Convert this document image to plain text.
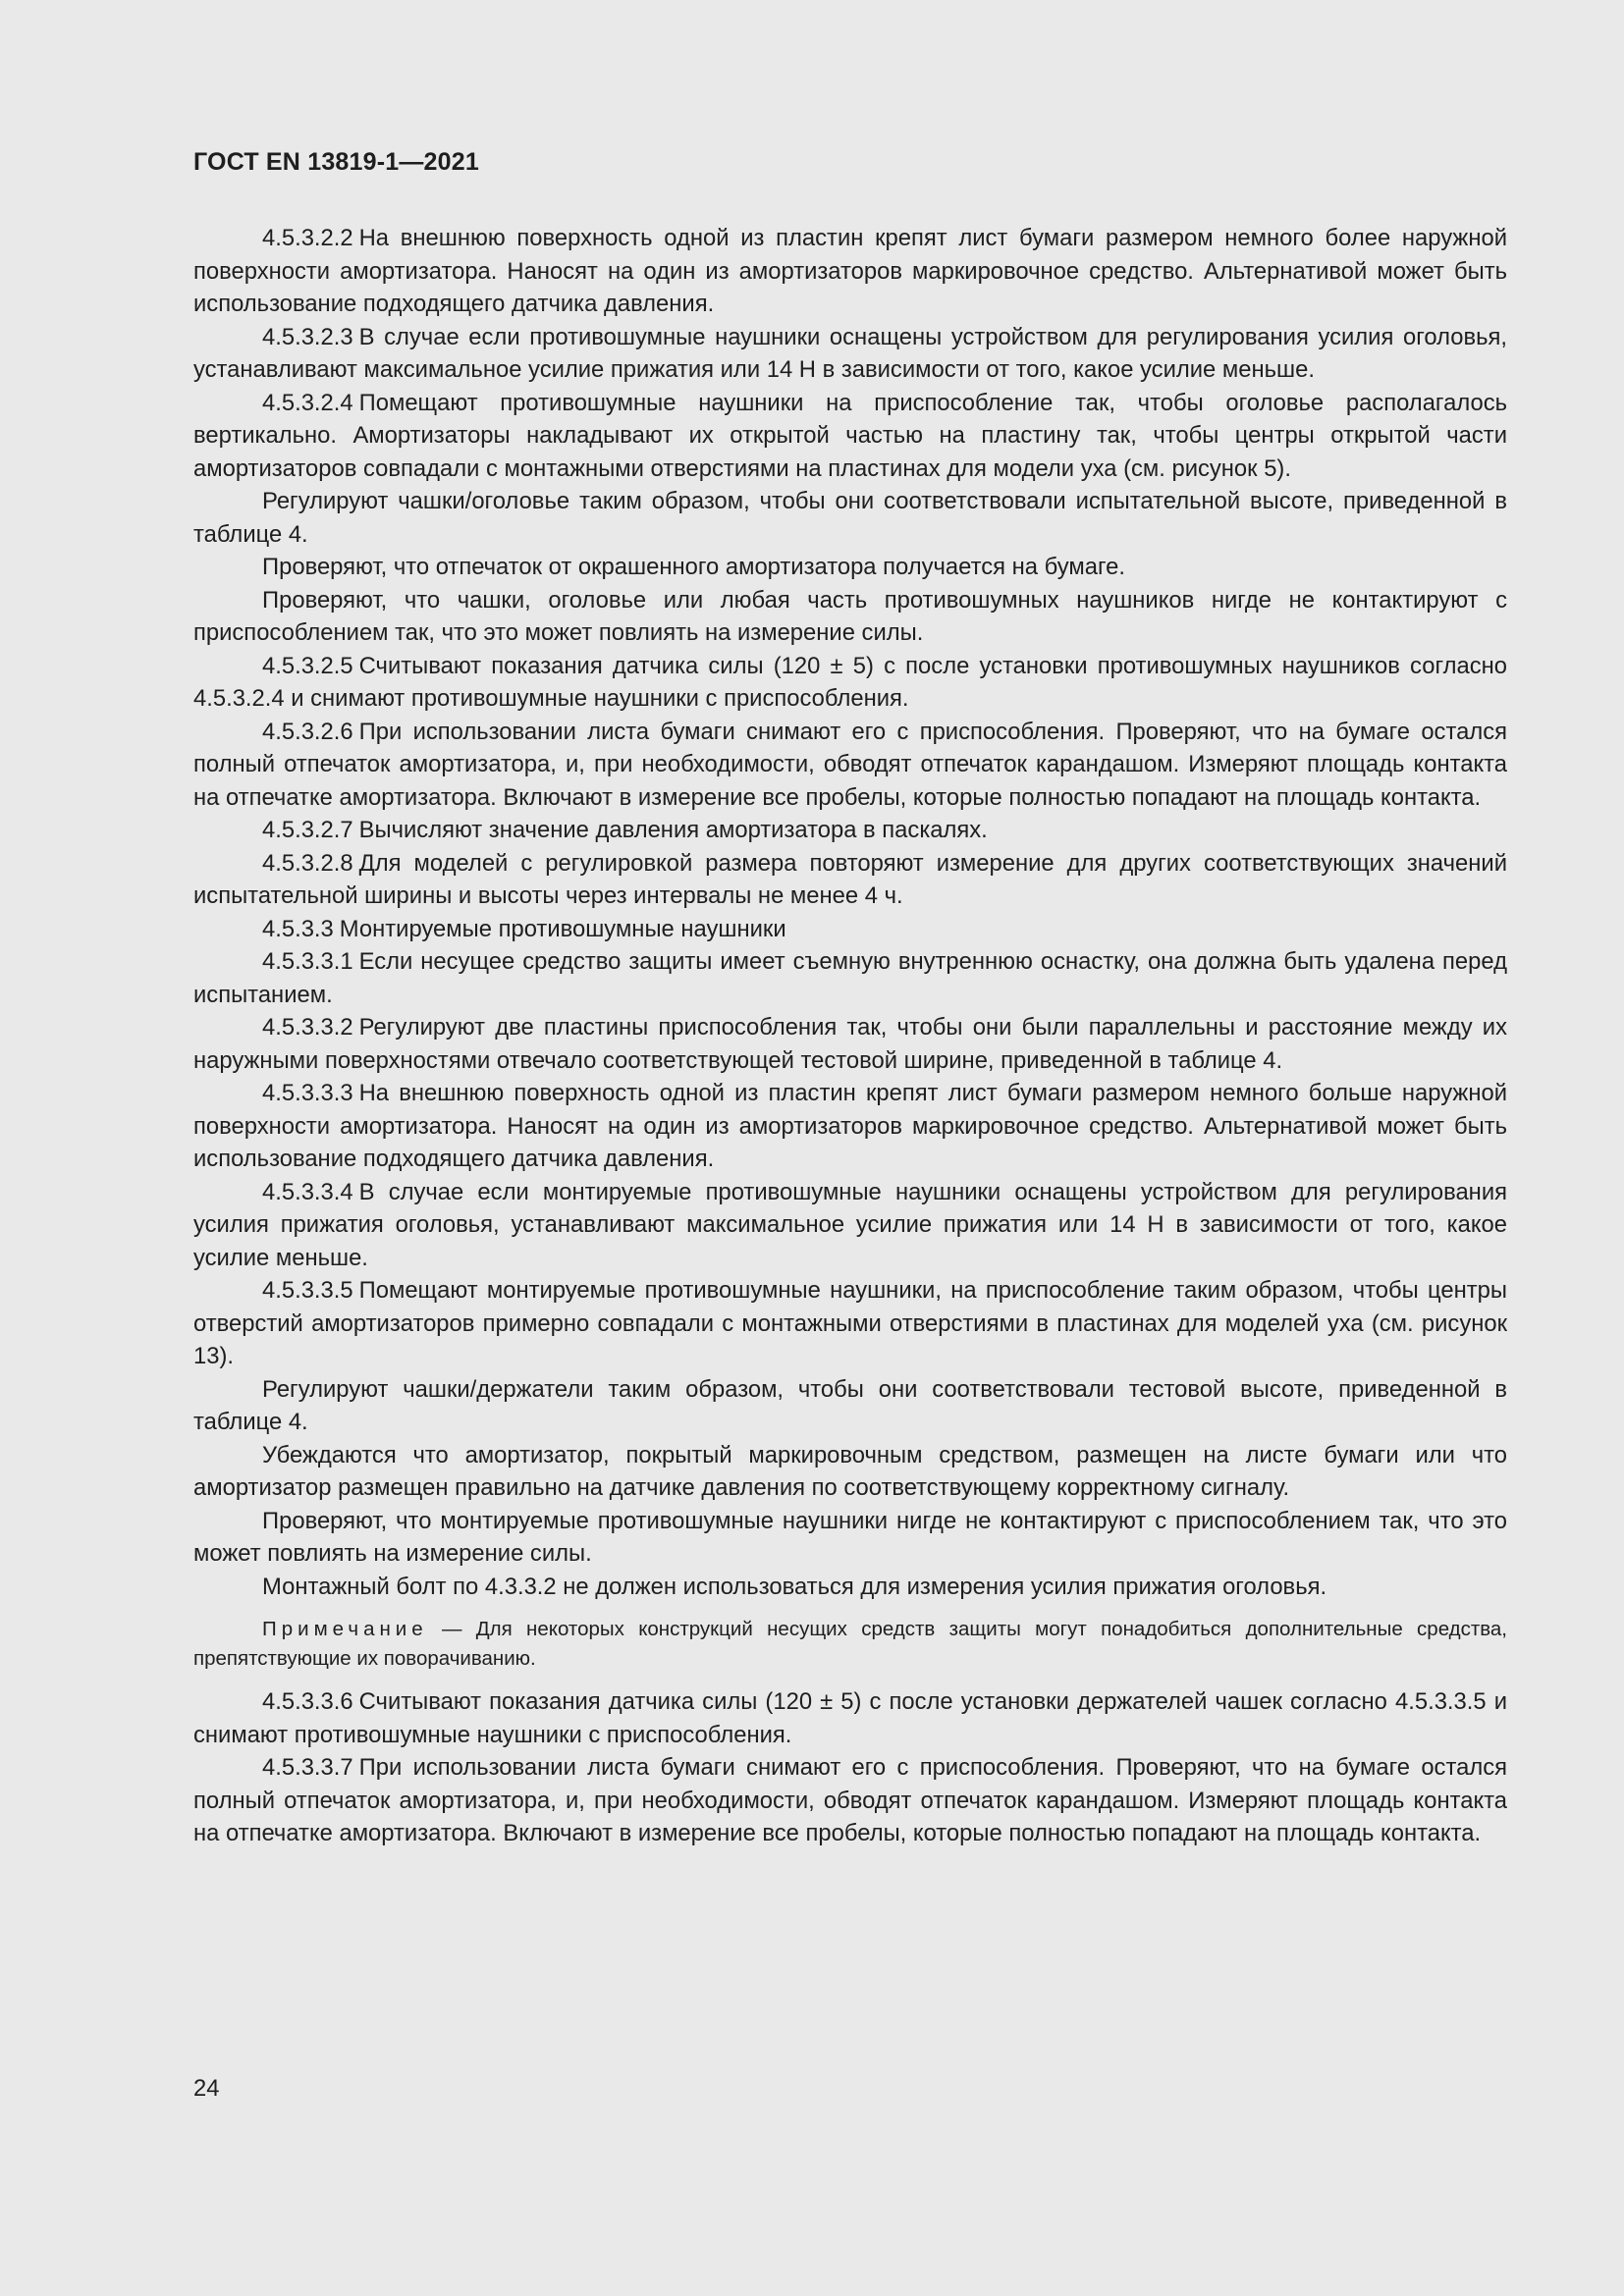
ГОСТ EN 13819-1—2021

4.5.3.2.2 На внешнюю поверхность одной из пластин крепят лист бумаги размером немного более наружной поверхности амортизатора. Наносят на один из амортизаторов маркировочное средство. Альтернативой может быть использование подходящего датчика давления.

4.5.3.2.3 В случае если противошумные наушники оснащены устройством для регулирования усилия оголовья, устанавливают максимальное усилие прижатия или 14 Н в зависимости от того, какое усилие меньше.

4.5.3.2.4 Помещают противошумные наушники на приспособление так, чтобы оголовье располагалось вертикально. Амортизаторы накладывают их открытой частью на пластину так, чтобы центры открытой части амортизаторов совпадали с монтажными отверстиями на пластинах для модели уха (см. рисунок 5).

Регулируют чашки/оголовье таким образом, чтобы они соответствовали испытательной высоте, приведенной в таблице 4.

Проверяют, что отпечаток от окрашенного амортизатора получается на бумаге.

Проверяют, что чашки, оголовье или любая часть противошумных наушников нигде не контактируют с приспособлением так, что это может повлиять на измерение силы.

4.5.3.2.5 Считывают показания датчика силы (120 ± 5) с после установки противошумных наушников согласно 4.5.3.2.4 и снимают противошумные наушники с приспособления.

4.5.3.2.6 При использовании листа бумаги снимают его с приспособления. Проверяют, что на бумаге остался полный отпечаток амортизатора, и, при необходимости, обводят отпечаток карандашом. Измеряют площадь контакта на отпечатке амортизатора. Включают в измерение все пробелы, которые полностью попадают на площадь контакта.

4.5.3.2.7 Вычисляют значение давления амортизатора в паскалях.

4.5.3.2.8 Для моделей с регулировкой размера повторяют измерение для других соответствующих значений испытательной ширины и высоты через интервалы не менее 4 ч.

4.5.3.3 Монтируемые противошумные наушники

4.5.3.3.1 Если несущее средство защиты имеет съемную внутреннюю оснастку, она должна быть удалена перед испытанием.

4.5.3.3.2 Регулируют две пластины приспособления так, чтобы они были параллельны и расстояние между их наружными поверхностями отвечало соответствующей тестовой ширине, приведенной в таблице 4.

4.5.3.3.3 На внешнюю поверхность одной из пластин крепят лист бумаги размером немного больше наружной поверхности амортизатора. Наносят на один из амортизаторов маркировочное средство. Альтернативой может быть использование подходящего датчика давления.

4.5.3.3.4 В случае если монтируемые противошумные наушники оснащены устройством для регулирования усилия прижатия оголовья, устанавливают максимальное усилие прижатия или 14 Н в зависимости от того, какое усилие меньше.

4.5.3.3.5 Помещают монтируемые противошумные наушники, на приспособление таким образом, чтобы центры отверстий амортизаторов примерно совпадали с монтажными отверстиями в пластинах для моделей уха (см. рисунок 13).

Регулируют чашки/держатели таким образом, чтобы они соответствовали тестовой высоте, приведенной в таблице 4.

Убеждаются что амортизатор, покрытый маркировочным средством, размещен на листе бумаги или что амортизатор размещен правильно на датчике давления по соответствующему корректному сигналу.

Проверяют, что монтируемые противошумные наушники нигде не контактируют с приспособлением так, что это может повлиять на измерение силы.

Монтажный болт по 4.3.3.2 не должен использоваться для измерения усилия прижатия оголовья.

Примечание — Для некоторых конструкций несущих средств защиты могут понадобиться дополнительные средства, препятствующие их поворачиванию.

4.5.3.3.6 Считывают показания датчика силы (120 ± 5) с после установки держателей чашек согласно 4.5.3.3.5 и снимают противошумные наушники с приспособления.

4.5.3.3.7 При использовании листа бумаги снимают его с приспособления. Проверяют, что на бумаге остался полный отпечаток амортизатора, и, при необходимости, обводят отпечаток карандашом. Измеряют площадь контакта на отпечатке амортизатора. Включают в измерение все пробелы, которые полностью попадают на площадь контакта.

24
